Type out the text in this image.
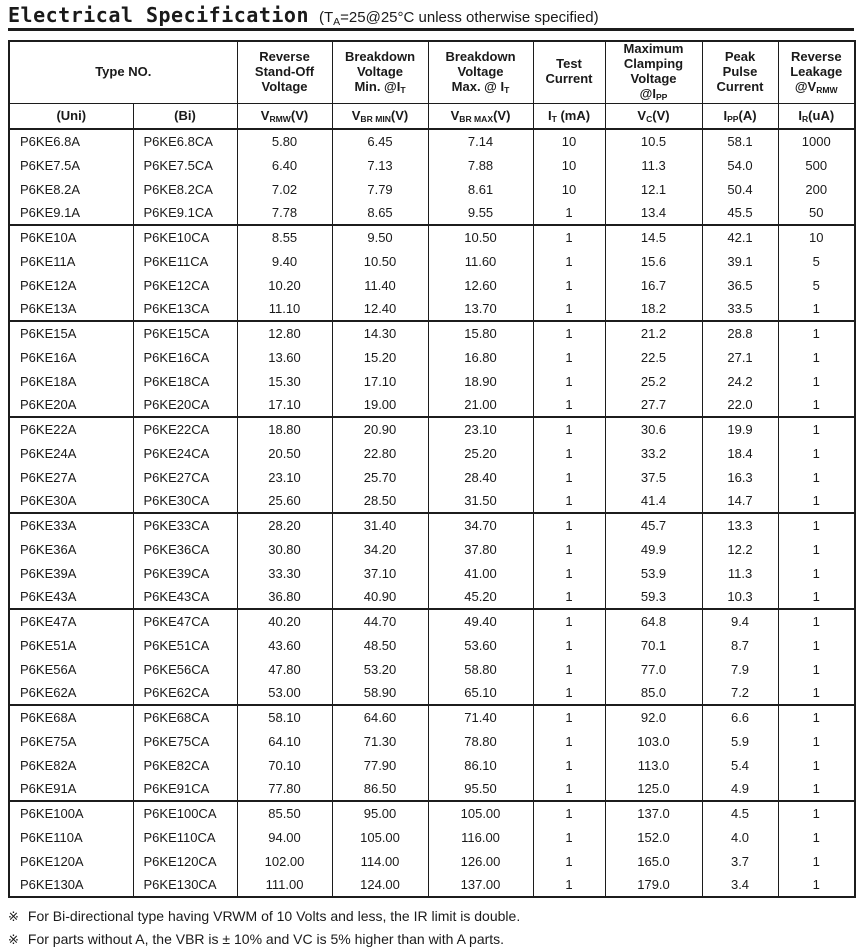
Electrical Specification ($T_A=25@25^\circ C$ unless otherwise specified)
Type NO.		Reverse
Stand-Off
Voltage	Breakdown
Voltage
Min. $@I_T$	Breakdown
Voltage
Max. @ $I_T$	Test
Current	Maximum
Clamping
Voltage
$@I_{PP}$	Peak
Pulse
Current	Reverse
Leakage
$@V_{RMW}$
(Uni)	(Bi)	$V_{RMW}(V)$	$V_{BR MIN}(V)$	$V_{BR MAX}(V)$	$I_T$ (mA)	$V_C(V)$	$I_{PP}(A)$	$I_R(uA)$
P6KE6.8A	P6KE6.8CA	5.80	6.45	7.14	10	10.5	58.1	1000
P6KE7.5A	P6KE7.5CA	6.40	7.13	7.88	10	11.3	54.0	500
P6KE8.2A	P6KE8.2CA	7.02	7.79	8.61	10	12.1	50.4	200
P6KE9.1A	P6KE9.1CA	7.78	8.65	9.55	1	13.4	45.5	50
P6KE10A	P6KE10CA	8.55	9.50	10.50	1	14.5	42.1	10
P6KE11A	P6KE11CA	9.40	10.50	11.60	1	15.6	39.1	5
P6KE12A	P6KE12CA	10.20	11.40	12.60	1	16.7	36.5	5
P6KE13A	P6KE13CA	11.10	12.40	13.70	1	18.2	33.5	1
P6KE15A	P6KE15CA	12.80	14.30	15.80	1	21.2	28.8	1
P6KE16A	P6KE16CA	13.60	15.20	16.80	1	22.5	27.1	1
P6KE18A	P6KE18CA	15.30	17.10	18.90	1	25.2	24.2	1
P6KE20A	P6KE20CA	17.10	19.00	21.00	1	27.7	22.0	1
P6KE22A	P6KE22CA	18.80	20.90	23.10	1	30.6	19.9	1
P6KE24A	P6KE24CA	20.50	22.80	25.20	1	33.2	18.4	1
P6KE27A	P6KE27CA	23.10	25.70	28.40	1	37.5	16.3	1
P6KE30A	P6KE30CA	25.60	28.50	31.50	1	41.4	14.7	1
P6KE33A	P6KE33CA	28.20	31.40	34.70	1	45.7	13.3	1
P6KE36A	P6KE36CA	30.80	34.20	37.80	1	49.9	12.2	1
P6KE39A	P6KE39CA	33.30	37.10	41.00	1	53.9	11.3	1
P6KE43A	P6KE43CA	36.80	40.90	45.20	1	59.3	10.3	1
P6KE47A	P6KE47CA	40.20	44.70	49.40	1	64.8	9.4	1
P6KE51A	P6KE51CA	43.60	48.50	53.60	1	70.1	8.7	1
P6KE56A	P6KE56CA	47.80	53.20	58.80	1	77.0	7.9	1
P6KE62A	P6KE62CA	53.00	58.90	65.10	1	85.0	7.2	1
P6KE68A	P6KE68CA	58.10	64.60	71.40	1	92.0	6.6	1
P6KE75A	P6KE75CA	64.10	71.30	78.80	1	103.0	5.9	1
P6KE82A	P6KE82CA	70.10	77.90	86.10	1	113.0	5.4	1
P6KE91A	P6KE91CA	77.80	86.50	95.50	1	125.0	4.9	1
P6KE100A	P6KE100CA	85.50	95.00	105.00	1	137.0	4.5	1
P6KE110A	P6KE110CA	94.00	105.00	116.00	1	152.0	4.0	1
P6KE120A	P6KE120CA	102.00	114.00	126.00	1	165.0	3.7	1
P6KE130A	P6KE130CA	111.00	124.00	137.00	1	179.0	3.4	1
※ For Bi-directional type having VRWM of 10 Volts and less, the IR limit is double.
※ For parts without A, the VBR is ± 10% and VC is 5% higher than with A parts.
